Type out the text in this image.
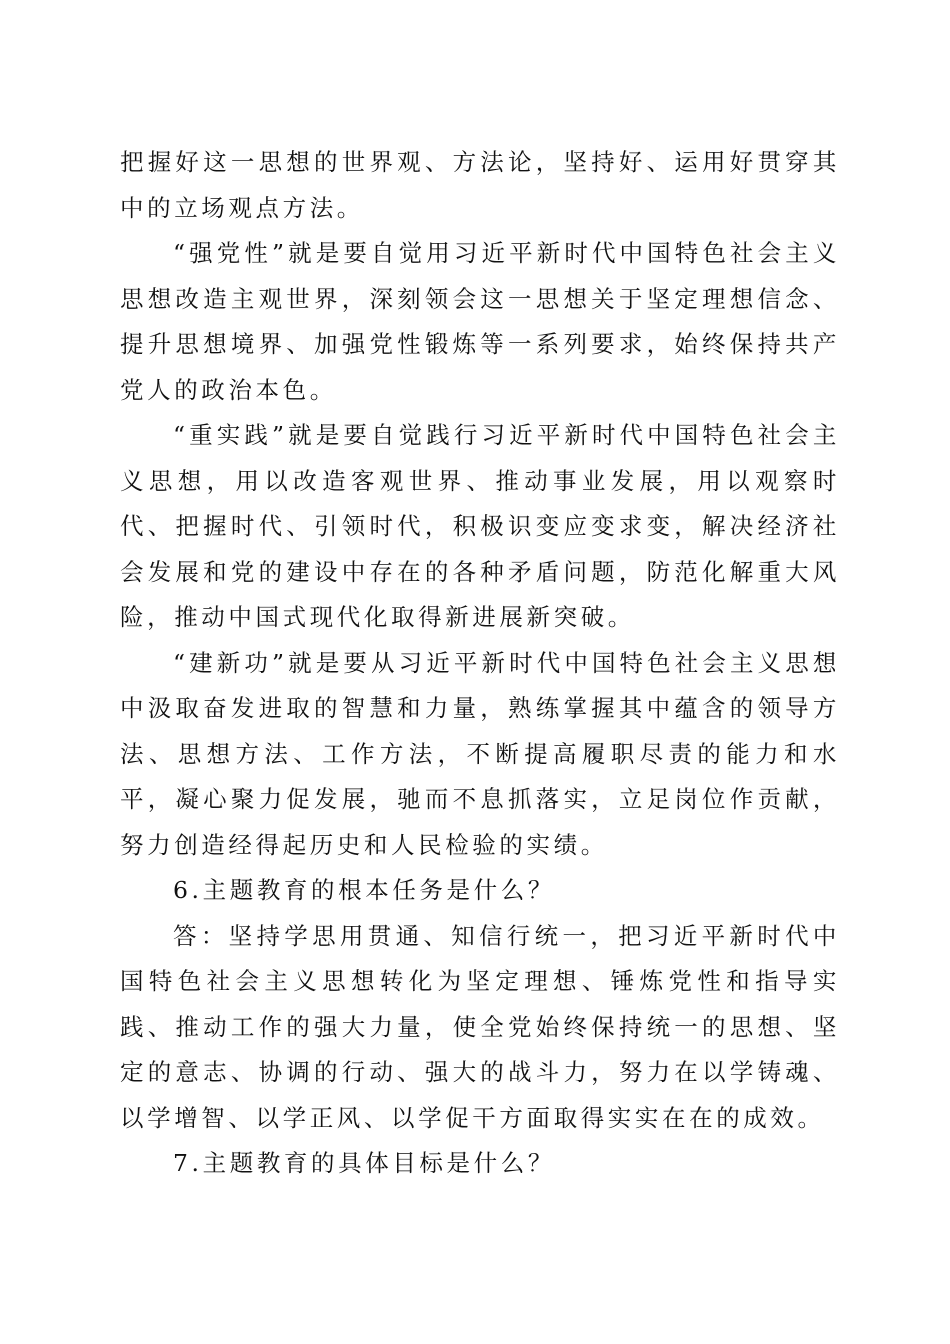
把握好这一思想的世界观、方法论，坚持好、运用好贯穿其中的立场观点方法。

“强党性”就是要自觉用习近平新时代中国特色社会主义思想改造主观世界，深刻领会这一思想关于坚定理想信念、提升思想境界、加强党性锻炼等一系列要求，始终保持共产党人的政治本色。

“重实践”就是要自觉践行习近平新时代中国特色社会主义思想，用以改造客观世界、推动事业发展，用以观察时代、把握时代、引领时代，积极识变应变求变，解决经济社会发展和党的建设中存在的各种矛盾问题，防范化解重大风险，推动中国式现代化取得新进展新突破。

“建新功”就是要从习近平新时代中国特色社会主义思想中汲取奋发进取的智慧和力量，熟练掌握其中蕴含的领导方法、思想方法、工作方法，不断提高履职尽责的能力和水平，凝心聚力促发展，驰而不息抓落实，立足岗位作贡献，努力创造经得起历史和人民检验的实绩。

6.主题教育的根本任务是什么？

答：坚持学思用贯通、知信行统一，把习近平新时代中国特色社会主义思想转化为坚定理想、锤炼党性和指导实践、推动工作的强大力量，使全党始终保持统一的思想、坚定的意志、协调的行动、强大的战斗力，努力在以学铸魂、以学增智、以学正风、以学促干方面取得实实在在的成效。

7.主题教育的具体目标是什么？
